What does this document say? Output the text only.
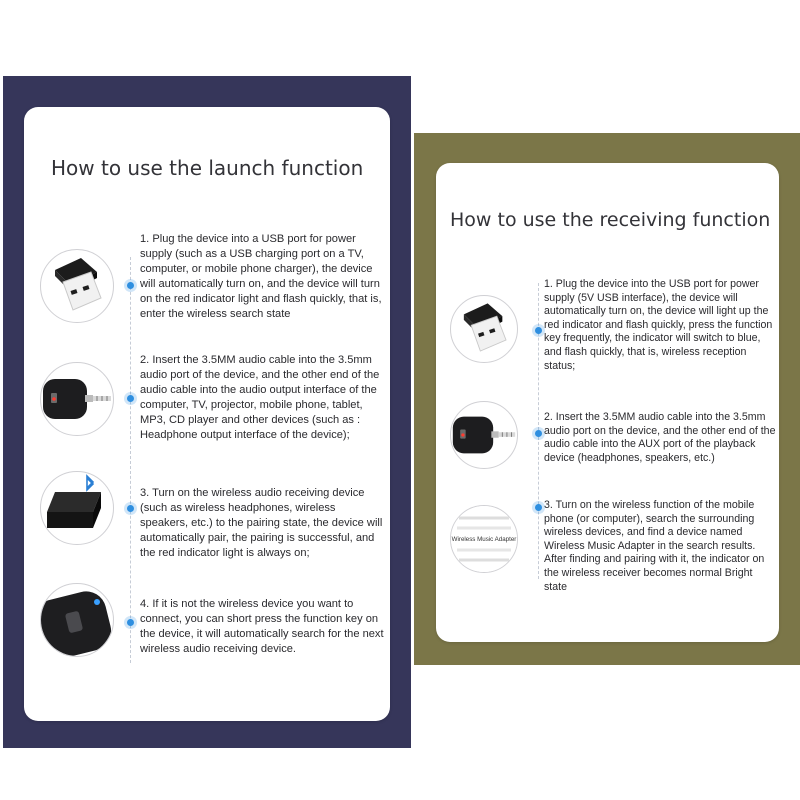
How to use the launch function

1. Plug the device into a USB port for power supply (such as a USB charging port on a TV, computer, or mobile phone charger), the device will automatically turn on, and the device will turn on the red indicator light and flash quickly, that is, enter the wireless search state

2. Insert the 3.5MM audio cable into the 3.5mm audio port of the device, and the other end of the audio cable into the audio output interface of the computer, TV, projector, mobile phone, tablet, MP3, CD player and other devices (such as : Headphone output interface of the device);

3. Turn on the wireless audio receiving device (such as wireless headphones, wireless speakers, etc.) to the pairing state, the device will automatically pair, the pairing is successful, and the red indicator light is always on;

4. If it is not the wireless device you want to connect, you can short press the function key on the device, it will automatically search for the next wireless audio receiving device.

How to use the receiving function

1. Plug the device into the USB port for power supply (5V USB interface), the device will automatically turn on, the device will light up the red indicator and flash quickly, press the function key frequently, the indicator will switch to blue, and flash quickly, that is, wireless reception status;

2. Insert the 3.5MM audio cable into the 3.5mm audio port on the device, and the other end of the audio cable into the AUX port of the playback device (headphones, speakers, etc.)

Wireless Music Adapter

3. Turn on the wireless function of the mobile phone (or computer), search the surrounding wireless devices, and find a device named Wireless Music Adapter in the search results. After finding and pairing with it, the indicator on the wireless receiver becomes normal Bright state
